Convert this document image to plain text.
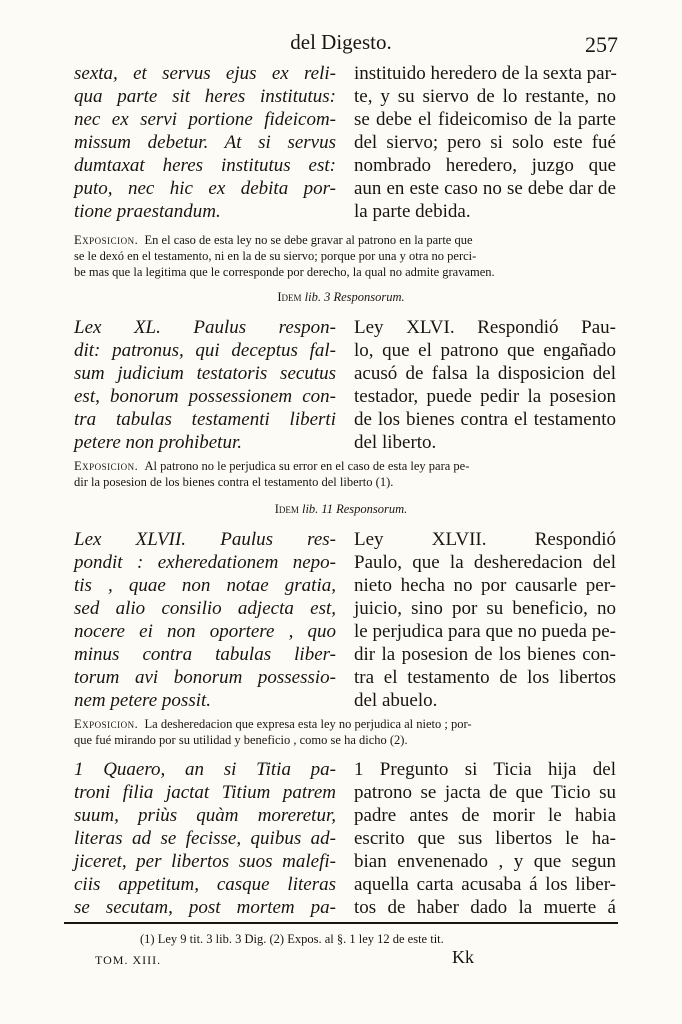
del Digesto.	257
sexta, et servus ejus ex reli-
qua parte sit heres institutus:
nec ex servi portione fideicom-
missum debetur. At si servus
dumtaxat heres institutus est:
puto, nec hic ex debita por-
tione praestandum.
instituido heredero de la sexta par-
te, y su siervo de lo restante, no
se debe el fideicomiso de la parte
del siervo; pero si solo este fué
nombrado heredero, juzgo que
aun en este caso no se debe dar de
la parte debida.
Exposicion. En el caso de esta ley no se debe gravar al patrono en la parte que
se le dexó en el testamento, ni en la de su siervo; porque por una y otra no perci-
be mas que la legitima que le corresponde por derecho, la qual no admite gravamen.
Idem lib. 3 Responsorum.
Lex XL. Paulus respon-
dit: patronus, qui deceptus fal-
sum judicium testatoris secutus
est, bonorum possessionem con-
tra tabulas testamenti liberti
petere non prohibetur.
Ley XLVI. Respondió Pau-
lo, que el patrono que engañado
acusó de falsa la disposicion del
testador, puede pedir la posesion
de los bienes contra el testamento
del liberto.
Exposicion. Al patrono no le perjudica su error en el caso de esta ley para pe-
dir la posesion de los bienes contra el testamento del liberto (1).
Idem lib. 11 Responsorum.
Lex XLVII. Paulus res-
pondit : exheredationem nepo-
tis , quae non notae gratia,
sed alio consilio adjecta est,
nocere ei non oportere , quo
minus contra tabulas liber-
torum avi bonorum possessio-
nem petere possit.
Ley XLVII. Respondió
Paulo, que la desheredacion del
nieto hecha no por causarle per-
juicio, sino por su beneficio, no
le perjudica para que no pueda pe-
dir la posesion de los bienes con-
tra el testamento de los libertos
del abuelo.
Exposicion. La desheredacion que expresa esta ley no perjudica al nieto ; por-
que fué mirando por su utilidad y beneficio , como se ha dicho (2).
1 Quaero, an si Titia pa-
troni filia jactat Titium patrem
suum, priùs quàm moreretur,
literas ad se fecisse, quibus ad-
jiceret, per libertos suos malefi-
ciis appetitum, casque literas
se secutam, post mortem pa-
1 Pregunto si Ticia hija del
patrono se jacta de que Ticio su
padre antes de morir le habia
escrito que sus libertos le ha-
bian envenenado , y que segun
aquella carta acusaba á los liber-
tos de haber dado la muerte á
(1) Ley 9 tit. 3 lib. 3 Dig. (2) Expos. al §. 1 ley 12 de este tit.
TOM. XIII.	Kk
